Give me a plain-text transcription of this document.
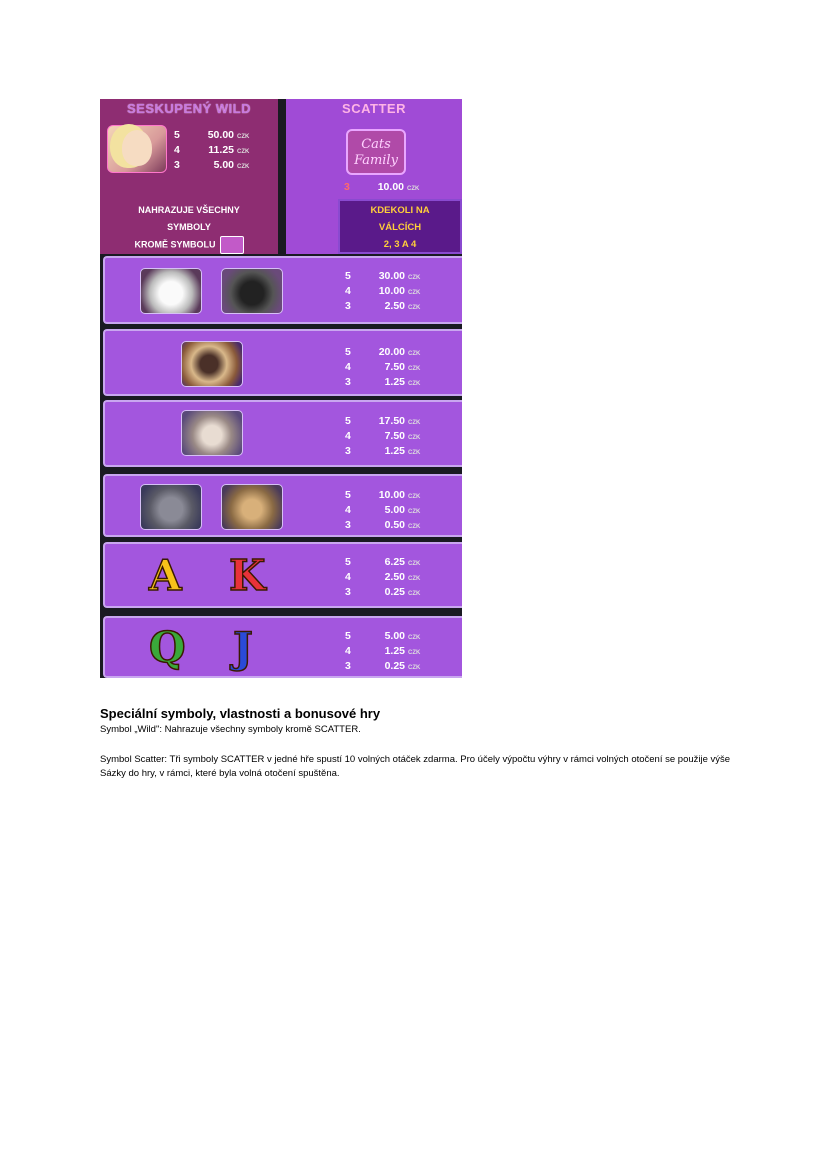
SESKUPENÝ WILD
5	50.00 CZK
4	11.25 CZK
3	5.00 CZK
NAHRAZUJE VŠECHNY
SYMBOLY
KROMĚ SYMBOLU
SCATTER
Cats
Family
3	10.00 CZK
KDEKOLI NA
VÁLCÍCH
2, 3 A 4
5	30.00 CZK
4	10.00 CZK
3	2.50 CZK
5	20.00 CZK
4	7.50 CZK
3	1.25 CZK
5	17.50 CZK
4	7.50 CZK
3	1.25 CZK
5	10.00 CZK
4	5.00 CZK
3	0.50 CZK
A K	5	6.25 CZK
4	2.50 CZK
3	0.25 CZK
Q J	5	5.00 CZK
4	1.25 CZK
3	0.25 CZK
Speciální symboly, vlastnosti a bonusové hry
Symbol „Wild": Nahrazuje všechny symboly kromě SCATTER.
Symbol Scatter: Tři symboly SCATTER v jedné hře spustí 10 volných otáček zdarma. Pro účely výpočtu výhry v rámci volných otočení se použije výše Sázky do hry, v rámci, které byla volná otočení spuštěna.
